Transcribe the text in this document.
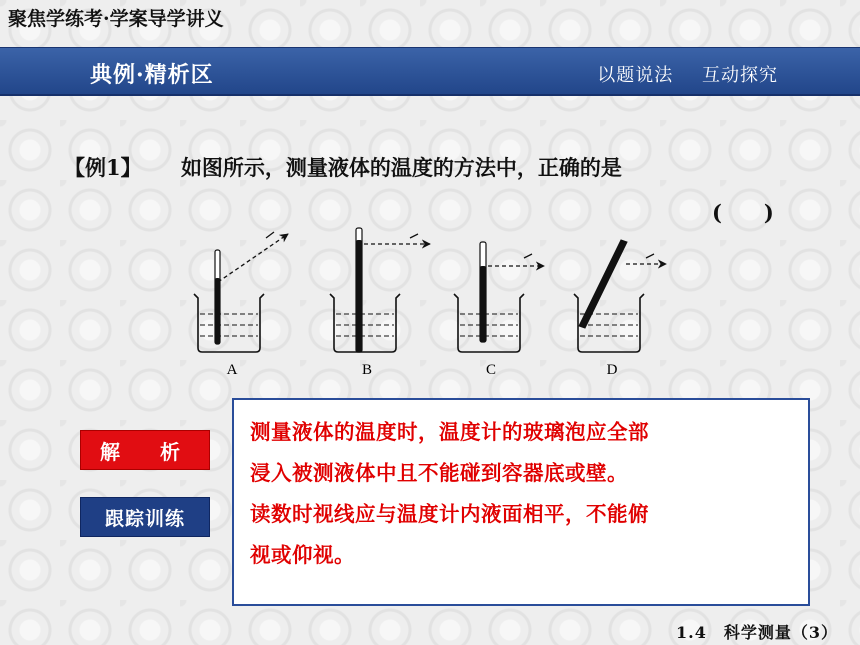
聚焦学练考·学案导学讲义
典例·精析区	以题说法 互动探究
【例1】 如图所示，测量液体的温度的方法中，正确的是
(　　)
A	B	C	D
解　析
跟踪训练

测量液体的温度时，温度计的玻璃泡应全部

浸入被测液体中且不能碰到容器底或壁。

读数时视线应与温度计内液面相平，不能俯

视或仰视。

1.4　科学测量（3）
